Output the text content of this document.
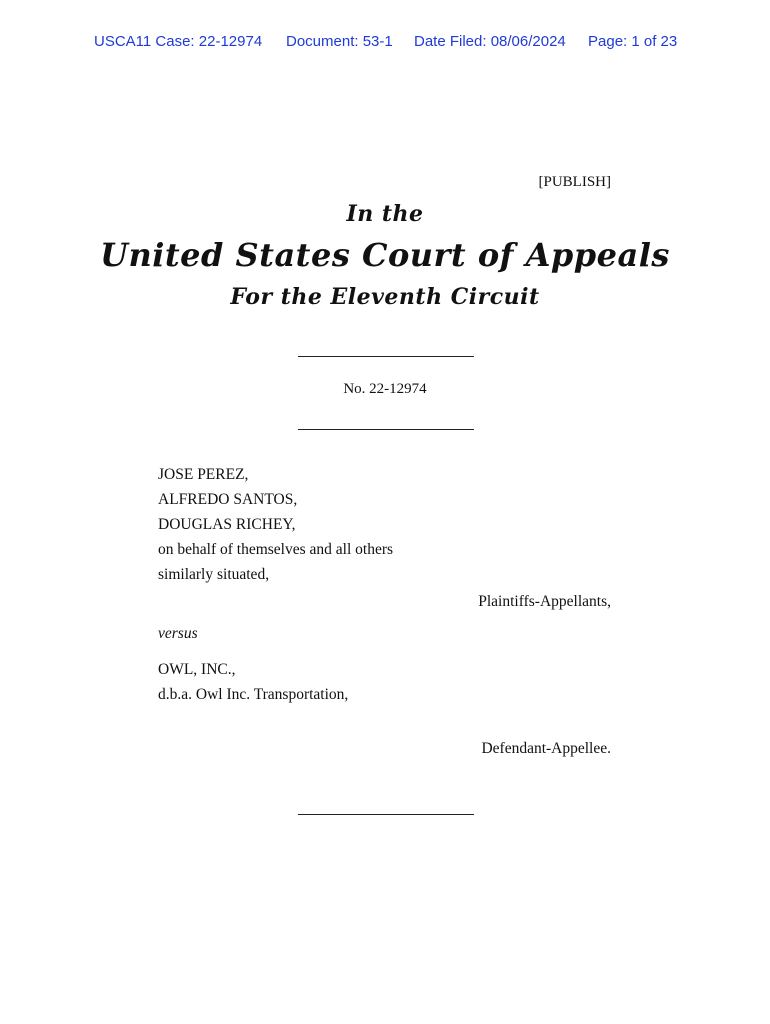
USCA11 Case: 22-12974 Document: 53-1 Date Filed: 08/06/2024 Page: 1 of 23
[PUBLISH]
In the
United States Court of Appeals
For the Eleventh Circuit
No. 22-12974
JOSE PEREZ,
ALFREDO SANTOS,
DOUGLAS RICHEY,
on behalf of themselves and all others
similarly situated,
Plaintiffs-Appellants,
versus
OWL, INC.,
d.b.a. Owl Inc. Transportation,
Defendant-Appellee.
